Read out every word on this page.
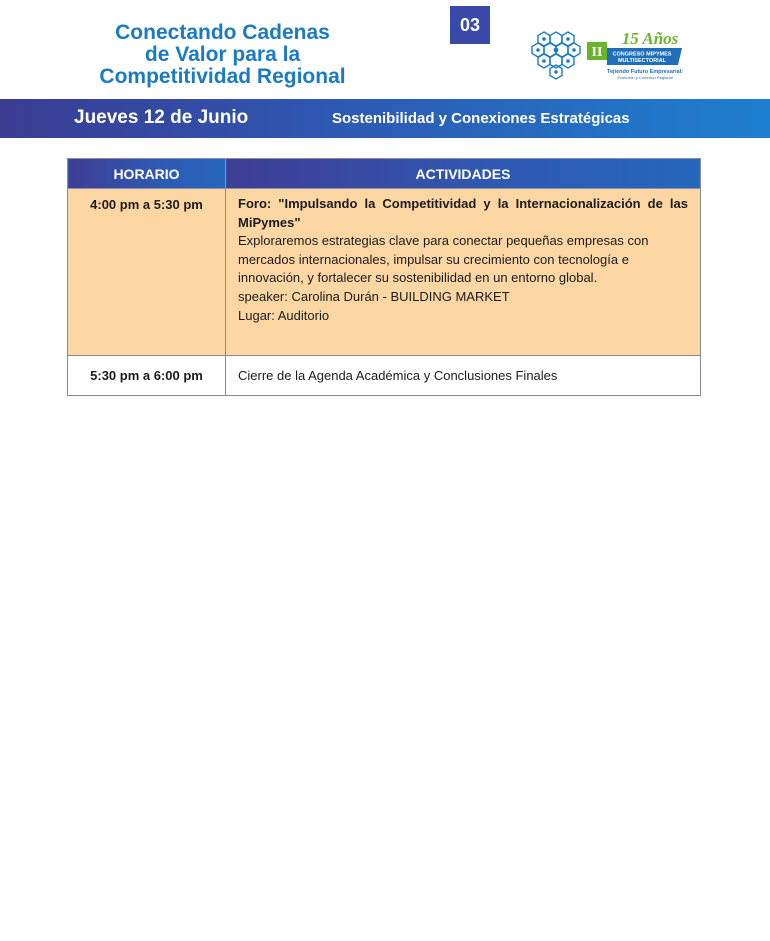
Conectando Cadenas
de Valor para la
Competitividad Regional
03
II
15 Años
CONGRESO MIPYMES
MULTISECTORIAL
Tejiendo Futuro Empresarial:
Evolución y Conexión Regional
Jueves 12 de Junio	Sostenibilidad y Conexiones Estratégicas
HORARIO	ACTIVIDADES
4:00 pm a 5:30 pm	Foro: "Impulsando la Competitividad y la Internacionalización de las MiPymes"
Exploraremos estrategias clave para conectar pequeñas empresas con mercados internacionales, impulsar su crecimiento con tecnología e innovación, y fortalecer su sostenibilidad en un entorno global.
speaker: Carolina Durán - BUILDING MARKET
Lugar: Auditorio

5:30 pm a 6:00 pm	Cierre de la Agenda Académica y Conclusiones Finales
